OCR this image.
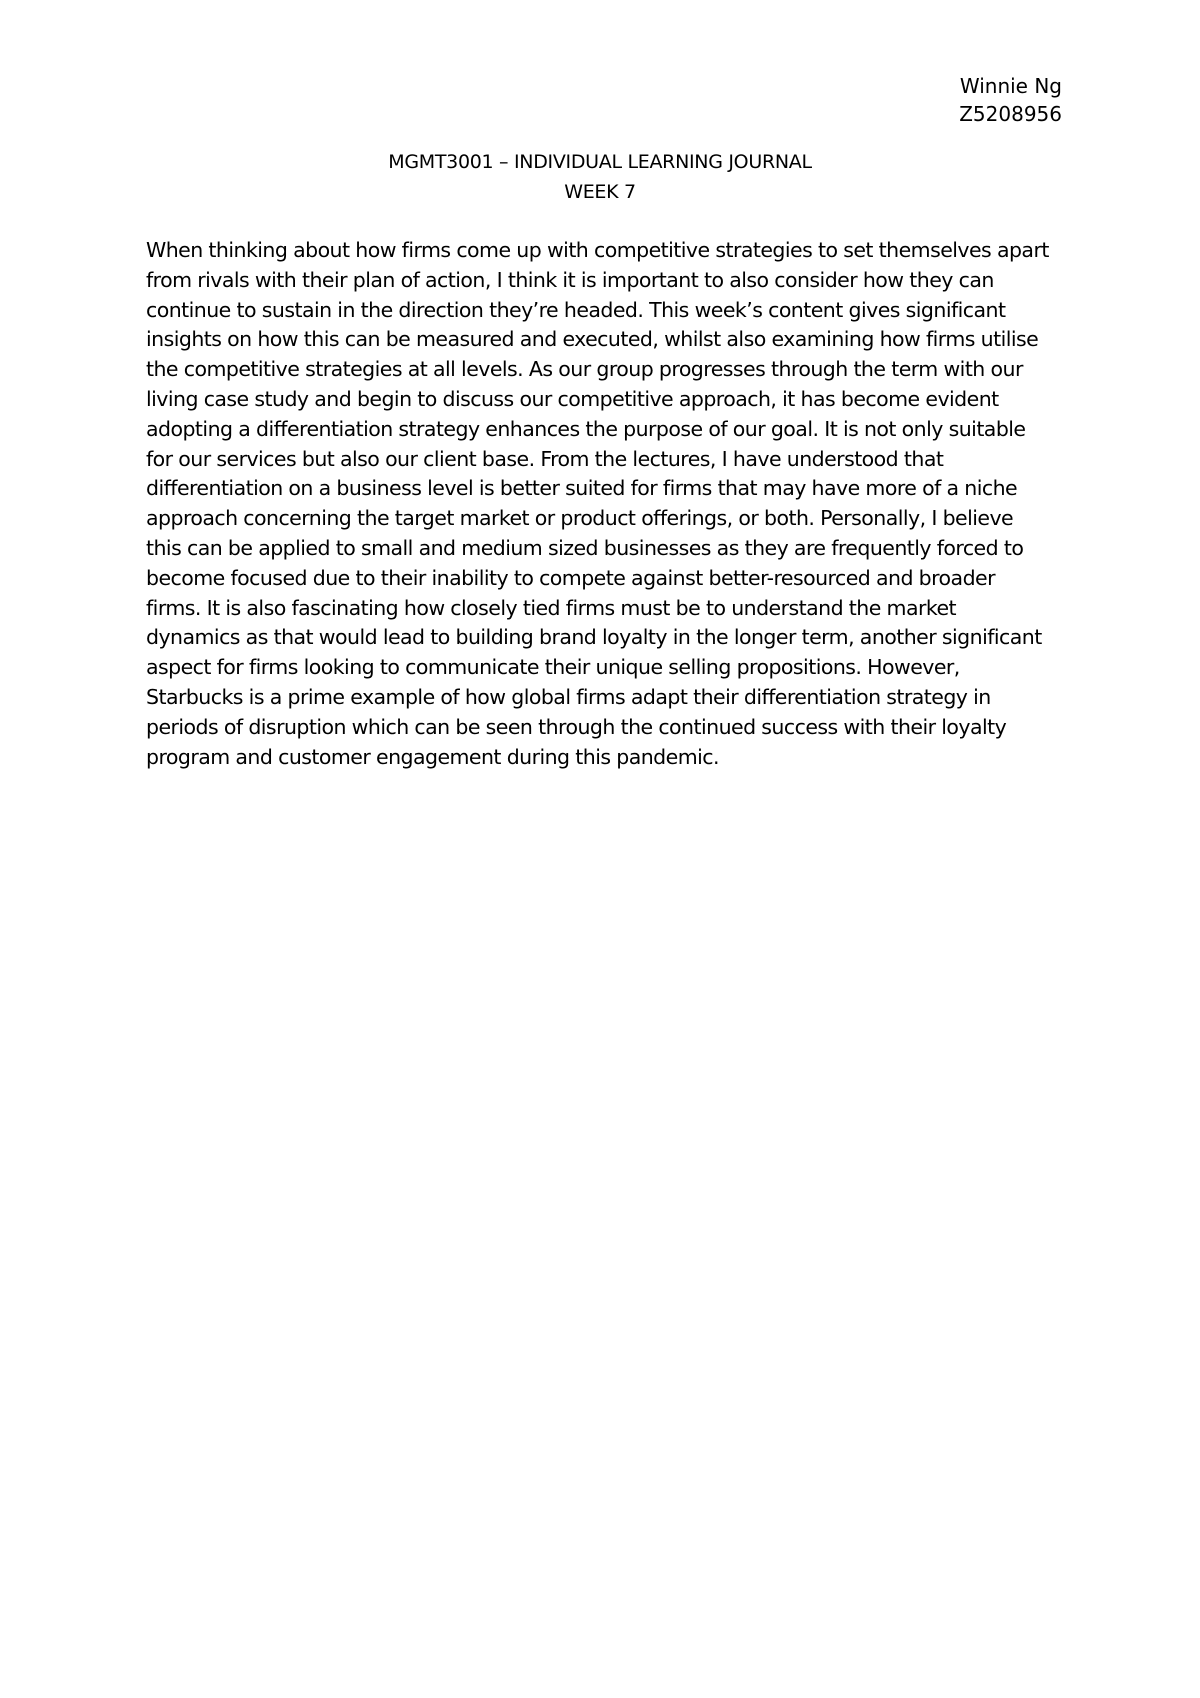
Winnie Ng
Z5208956
MGMT3001 – INDIVIDUAL LEARNING JOURNAL
WEEK 7
When thinking about how firms come up with competitive strategies to set themselves apart
from rivals with their plan of action, I think it is important to also consider how they can
continue to sustain in the direction they’re headed. This week’s content gives significant
insights on how this can be measured and executed, whilst also examining how firms utilise
the competitive strategies at all levels. As our group progresses through the term with our
living case study and begin to discuss our competitive approach, it has become evident
adopting a differentiation strategy enhances the purpose of our goal. It is not only suitable
for our services but also our client base. From the lectures, I have understood that
differentiation on a business level is better suited for firms that may have more of a niche
approach concerning the target market or product offerings, or both. Personally, I believe
this can be applied to small and medium sized businesses as they are frequently forced to
become focused due to their inability to compete against better-resourced and broader
firms. It is also fascinating how closely tied firms must be to understand the market
dynamics as that would lead to building brand loyalty in the longer term, another significant
aspect for firms looking to communicate their unique selling propositions. However,
Starbucks is a prime example of how global firms adapt their differentiation strategy in
periods of disruption which can be seen through the continued success with their loyalty
program and customer engagement during this pandemic.
